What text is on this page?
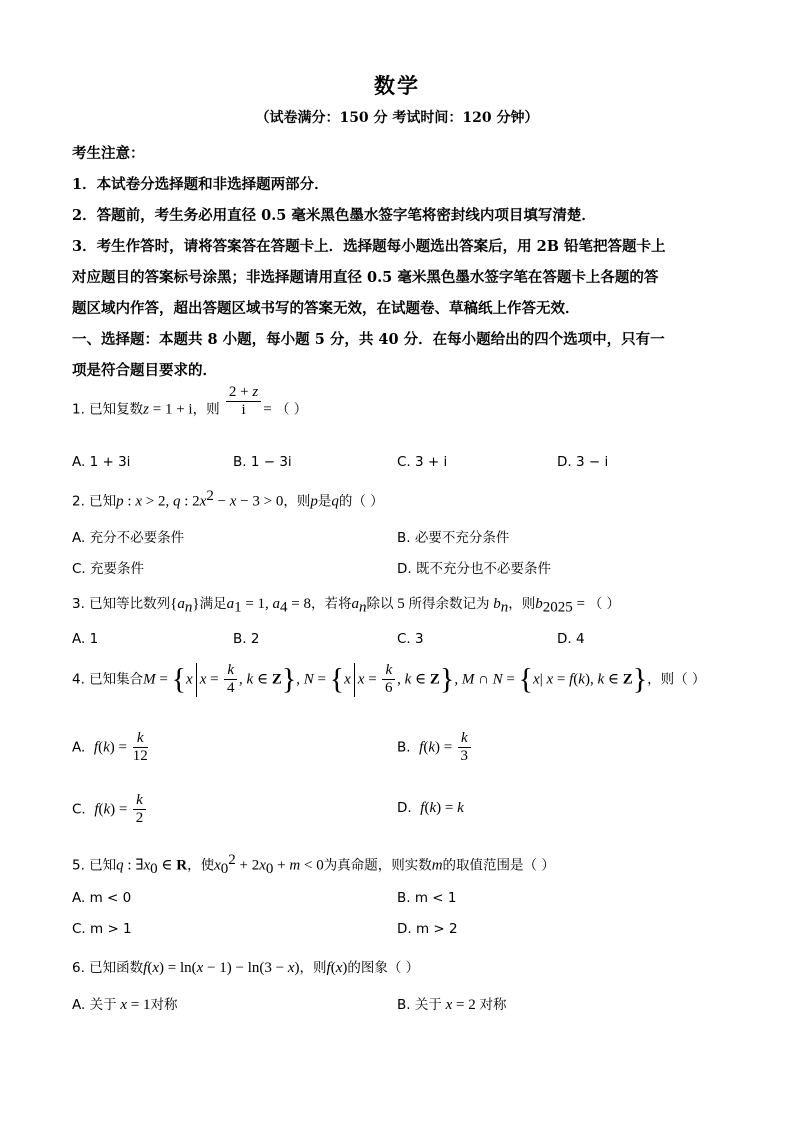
数学
（试卷满分：150 分 考试时间：120 分钟）
考生注意：
1．本试卷分选择题和非选择题两部分．
2．答题前，考生务必用直径 0.5 毫米黑色墨水签字笔将密封线内项目填写清楚．
3．考生作答时，请将答案答在答题卡上．选择题每小题选出答案后，用 2B 铅笔把答题卡上
对应题目的答案标号涂黑；非选择题请用直径 0.5 毫米黑色墨水签字笔在答题卡上各题的答
题区域内作答，超出答题区域书写的答案无效，在试题卷、草稿纸上作答无效．
一、选择题：本题共 8 小题，每小题 5 分，共 40 分．在每小题给出的四个选项中，只有一
项是符合题目要求的．
1. 已知复数z = 1 + i，则 $\frac{2 + z}{i}$ = （ ）
A. 1 + 3i	B. 1 − 3i	C. 3 + i	D. 3 − i
2. 已知p : x > 2, q : $2x^2 - x - 3 > 0$，则p是q的（ ）
A. 充分不必要条件	B. 必要不充分条件
C. 充要条件	D. 既不充分也不必要条件
3. 已知等比数列$\{a_n\}$满足$a_1 = 1$, $a_4 = 8$，若将$a_n$除以 5 所得余数记为 $b_n$，则$b_{2025}$ = （ ）
A. 1	B. 2	C. 3	D. 4
4. 已知集合M = {x $x = \frac{k}{4}$ , k ∈ Z}, N = {x $x = \frac{k}{6}$ , k ∈ Z}, M ∩ N = {x| x = f(k), k ∈ Z}，则（ ）
A. $f(k) = \frac{k}{12}$	B. $f(k) = \frac{k}{3}$
C. $f(k) = \frac{k}{2}$	D. f(k) = k
5. 已知q : $\exists x_0$ ∈ R，使$x_0^2 + 2x_0 + m < 0$为真命题，则实数m的取值范围是（ ）
A. m < 0	B. m < 1
C. m > 1	D. m > 2
6. 已知函数f(x) = ln(x − 1) − ln(3 − x)，则f(x)的图象（ ）
A. 关于 x = 1对称	B. 关于 x = 2 对称
